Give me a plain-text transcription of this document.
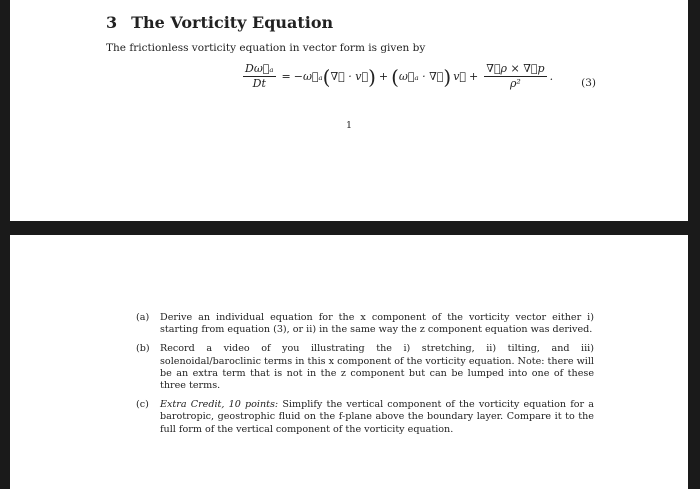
3 The Vorticity Equation

The frictionless vorticity equation in vector form is given by

$\frac{\text{Dω⃗ₐ}}{Dt}$ = −ω⃗ₐ ( ∇⃗ · v⃗ ) + ( ω⃗ₐ · ∇⃗ ) v⃗ + $\frac{\nabla⃗\rho \times \nabla⃗p}{\text{ρ²}}$ .	(3)

1

(a)	Derive an individual equation for the x component of the vorticity vector either i) starting from equation (3), or ii) in the same way the z component equation was derived.
(b)	Record a video of you illustrating the i) stretching, ii) tilting, and iii) solenoidal/baroclinic terms in this x component of the vorticity equation. Note: there will be an extra term that is not in the z component but can be lumped into one of these three terms.
(c)	Extra Credit, 10 points: Simplify the vertical component of the vorticity equation for a barotropic, geostrophic fluid on the f-plane above the boundary layer. Compare it to the full form of the vertical component of the vorticity equation.
